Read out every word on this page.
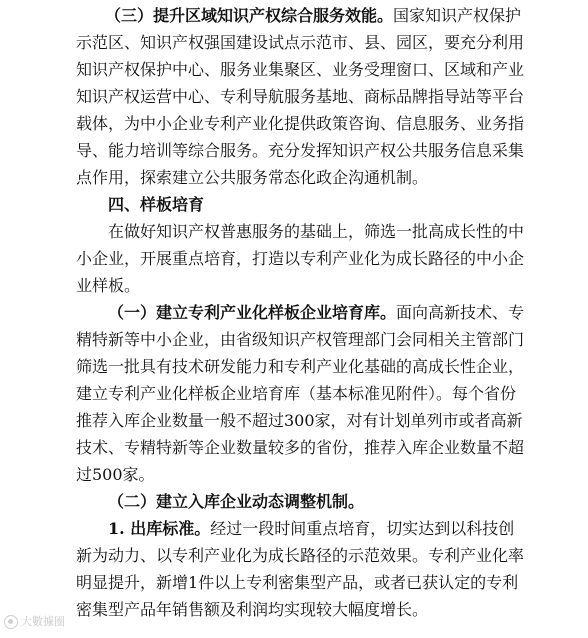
（三）提升区域知识产权综合服务效能。国家知识产权保护
示范区、知识产权强国建设试点示范市、县、园区，要充分利用
知识产权保护中心、服务业集聚区、业务受理窗口、区域和产业
知识产权运营中心、专利导航服务基地、商标品牌指导站等平台
载体，为中小企业专利产业化提供政策咨询、信息服务、业务指
导、能力培训等综合服务。充分发挥知识产权公共服务信息采集
点作用，探索建立公共服务常态化政企沟通机制。
四、样板培育
在做好知识产权普惠服务的基础上，筛选一批高成长性的中
小企业，开展重点培育，打造以专利产业化为成长路径的中小企
业样板。
（一）建立专利产业化样板企业培育库。面向高新技术、专
精特新等中小企业，由省级知识产权管理部门会同相关主管部门
筛选一批具有技术研发能力和专利产业化基础的高成长性企业，
建立专利产业化样板企业培育库（基本标准见附件）。每个省份
推荐入库企业数量一般不超过300家，对有计划单列市或者高新
技术、专精特新等企业数量较多的省份，推荐入库企业数量不超
过500家。
（二）建立入库企业动态调整机制。
1. 出库标准。经过一段时间重点培育，切实达到以科技创
新为动力、以专利产业化为成长路径的示范效果。专利产业化率
明显提升，新增1件以上专利密集型产品，或者已获认定的专利
密集型产品年销售额及利润均实现较大幅度增长。
大數據圈
